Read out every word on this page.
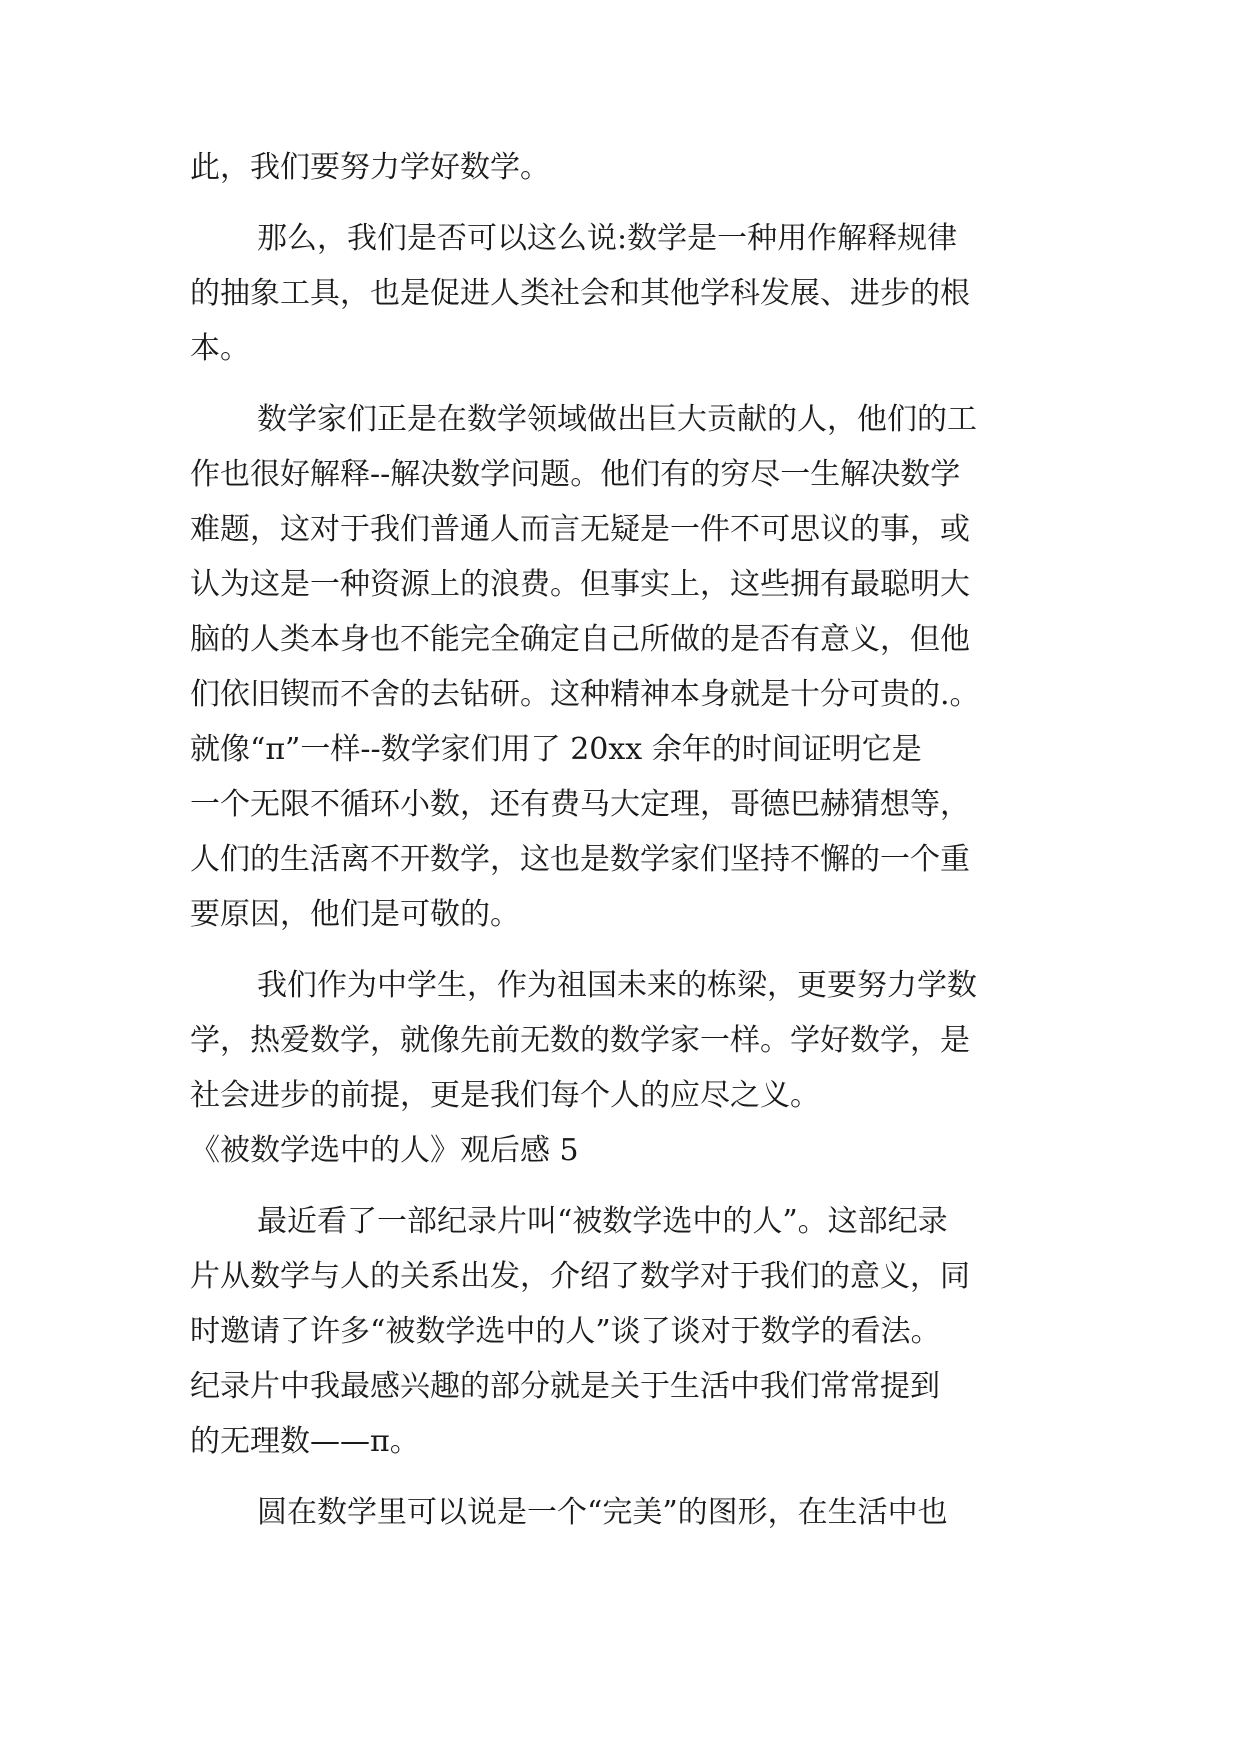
此，我们要努力学好数学。
那么，我们是否可以这么说:数学是一种用作解释规律
的抽象工具，也是促进人类社会和其他学科发展、进步的根
本。
数学家们正是在数学领域做出巨大贡献的人，他们的工
作也很好解释--解决数学问题。他们有的穷尽一生解决数学
难题，这对于我们普通人而言无疑是一件不可思议的事，或
认为这是一种资源上的浪费。但事实上，这些拥有最聪明大
脑的人类本身也不能完全确定自己所做的是否有意义，但他
们依旧锲而不舍的去钻研。这种精神本身就是十分可贵的.。
就像“π”一样--数学家们用了 20xx 余年的时间证明它是
一个无限不循环小数，还有费马大定理，哥德巴赫猜想等，
人们的生活离不开数学，这也是数学家们坚持不懈的一个重
要原因，他们是可敬的。
我们作为中学生，作为祖国未来的栋梁，更要努力学数
学，热爱数学，就像先前无数的数学家一样。学好数学，是
社会进步的前提，更是我们每个人的应尽之义。
《被数学选中的人》观后感 5
最近看了一部纪录片叫“被数学选中的人”。这部纪录
片从数学与人的关系出发，介绍了数学对于我们的意义，同
时邀请了许多“被数学选中的人”谈了谈对于数学的看法。
纪录片中我最感兴趣的部分就是关于生活中我们常常提到
的无理数——π。
圆在数学里可以说是一个“完美”的图形，在生活中也
